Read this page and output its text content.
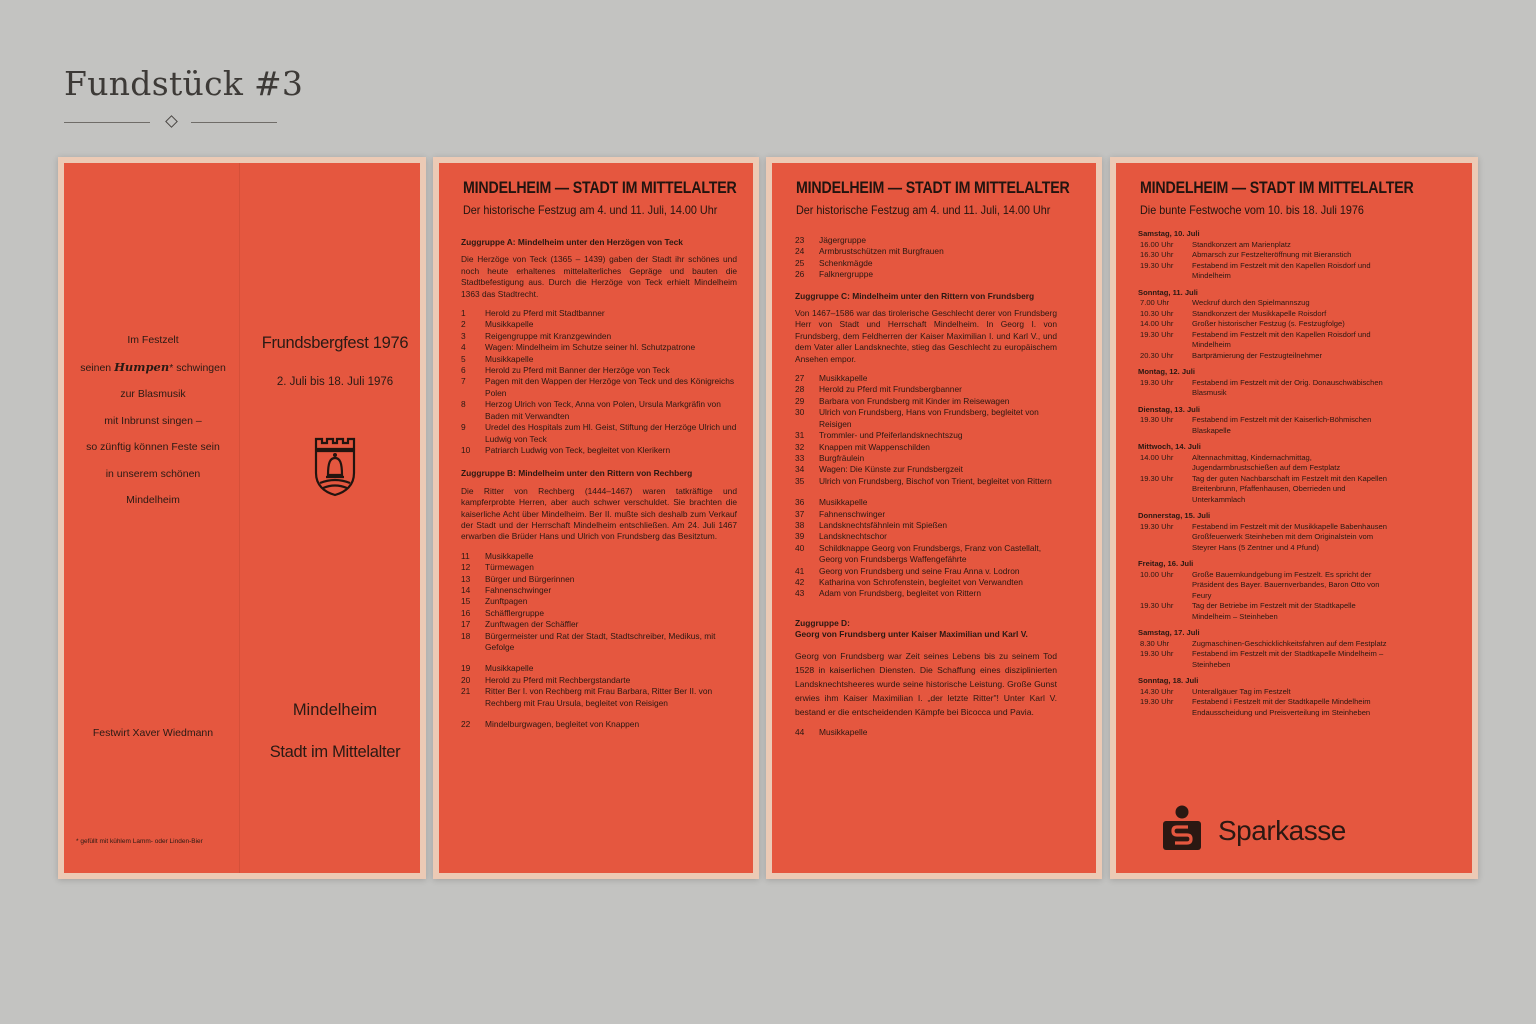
Fundstück #3
Im Festzelt
seinen Humpen* schwingen
zur Blasmusik
mit Inbrunst singen –
so zünftig können Feste sein
in unserem schönen
Mindelheim
Festwirt Xaver Wiedmann
* gefüllt mit kühlem Lamm- oder Linden-Bier
Frundsbergfest 1976
2. Juli bis 18. Juli 1976
Mindelheim
Stadt im Mittelalter
MINDELHEIM — STADT IM MITTELALTER
Der historische Festzug am 4. und 11. Juli, 14.00 Uhr
Zuggruppe A: Mindelheim unter den Herzögen von Teck
Die Herzöge von Teck (1365 – 1439) gaben der Stadt ihr schönes und noch heute erhaltenes mittelalterliches Gepräge und bauten die Stadtbefestigung aus. Durch die Herzöge von Teck erhielt Mindelheim 1363 das Stadtrecht.
1	Herold zu Pferd mit Stadtbanner
2	Musikkapelle
3	Reigengruppe mit Kranzgewinden
4	Wagen: Mindelheim im Schutze seiner hl. Schutzpatrone
5	Musikkapelle
6	Herold zu Pferd mit Banner der Herzöge von Teck
7	Pagen mit den Wappen der Herzöge von Teck und des Königreichs Polen
8	Herzog Ulrich von Teck, Anna von Polen, Ursula Markgräfin von Baden mit Verwandten
9	Uredel des Hospitals zum Hl. Geist, Stiftung der Herzöge Ulrich und Ludwig von Teck
10	Patriarch Ludwig von Teck, begleitet von Klerikern
Zuggruppe B: Mindelheim unter den Rittern von Rechberg
Die Ritter von Rechberg (1444–1467) waren tatkräftige und kampferprobte Herren, aber auch schwer verschuldet. Sie brachten die kaiserliche Acht über Mindelheim. Ber II. mußte sich deshalb zum Verkauf der Stadt und der Herrschaft Mindelheim entschließen. Am 24. Juli 1467 erwarben die Brüder Hans und Ulrich von Frundsberg das Besitztum.
11	Musikkapelle
12	Türmewagen
13	Bürger und Bürgerinnen
14	Fahnenschwinger
15	Zunftpagen
16	Schäfflergruppe
17	Zunftwagen der Schäffler
18	Bürgermeister und Rat der Stadt, Stadtschreiber, Medikus, mit Gefolge
19	Musikkapelle
20	Herold zu Pferd mit Rechbergstandarte
21	Ritter Ber I. von Rechberg mit Frau Barbara, Ritter Ber II. von Rechberg mit Frau Ursula, begleitet von Reisigen
22	Mindelburgwagen, begleitet von Knappen
MINDELHEIM — STADT IM MITTELALTER
Der historische Festzug am 4. und 11. Juli, 14.00 Uhr
23	Jägergruppe
24	Armbrustschützen mit Burgfrauen
25	Schenkmägde
26	Falknergruppe
Zuggruppe C: Mindelheim unter den Rittern von Frundsberg
Von 1467–1586 war das tirolerische Geschlecht derer von Frundsberg Herr von Stadt und Herrschaft Mindelheim. In Georg I. von Frundsberg, dem Feldherren der Kaiser Maximilian I. und Karl V., und dem Vater aller Landsknechte, stieg das Geschlecht zu europäischem Ansehen empor.
27	Musikkapelle
28	Herold zu Pferd mit Frundsbergbanner
29	Barbara von Frundsberg mit Kinder im Reisewagen
30	Ulrich von Frundsberg, Hans von Frundsberg, begleitet von Reisigen
31	Trommler- und Pfeiferlandsknechtszug
32	Knappen mit Wappenschilden
33	Burgfräulein
34	Wagen: Die Künste zur Frundsbergzeit
35	Ulrich von Frundsberg, Bischof von Trient, begleitet von Rittern
36	Musikkapelle
37	Fahnenschwinger
38	Landsknechtsfähnlein mit Spießen
39	Landsknechtschor
40	Schildknappe Georg von Frundsbergs, Franz von Castellalt, Georg von Frundsbergs Waffengefährte
41	Georg von Frundsberg und seine Frau Anna v. Lodron
42	Katharina von Schrofenstein, begleitet von Verwandten
43	Adam von Frundsberg, begleitet von Rittern
Zuggruppe D:
Georg von Frundsberg unter Kaiser Maximilian und Karl V.
Georg von Frundsberg war Zeit seines Lebens bis zu seinem Tod 1528 in kaiserlichen Diensten. Die Schaffung eines disziplinierten Landsknechtsheeres wurde seine historische Leistung. Große Gunst erwies ihm Kaiser Maximilian I. „der letzte Ritter"! Unter Karl V. bestand er die entscheidenden Kämpfe bei Bicocca und Pavia.
44	Musikkapelle
MINDELHEIM — STADT IM MITTELALTER
Die bunte Festwoche vom 10. bis 18. Juli 1976
Samstag, 10. Juli
16.00 Uhr	Standkonzert am Marienplatz
16.30 Uhr	Abmarsch zur Festzelteröffnung mit Bieranstich
19.30 Uhr	Festabend im Festzelt mit den Kapellen Roisdorf und Mindelheim
Sonntag, 11. Juli
7.00 Uhr	Weckruf durch den Spielmannszug
10.30 Uhr	Standkonzert der Musikkapelle Roisdorf
14.00 Uhr	Großer historischer Festzug (s. Festzugfolge)
19.30 Uhr	Festabend im Festzelt mit den Kapellen Roisdorf und Mindelheim
20.30 Uhr	Bartprämierung der Festzugteilnehmer
Montag, 12. Juli
19.30 Uhr	Festabend im Festzelt mit der Orig. Donauschwäbischen Blasmusik
Dienstag, 13. Juli
19.30 Uhr	Festabend im Festzelt mit der Kaiserlich-Böhmischen Blaskapelle
Mittwoch, 14. Juli
14.00 Uhr	Altennachmittag, Kindernachmittag, Jugendarmbrustschießen auf dem Festplatz
19.30 Uhr	Tag der guten Nachbarschaft im Festzelt mit den Kapellen Breitenbrunn, Pfaffenhausen, Oberrieden und Unterkammlach
Donnerstag, 15. Juli
19.30 Uhr	Festabend im Festzelt mit der Musikkapelle Babenhausen Großfeuerwerk Steinheben mit dem Originalstein vom Steyrer Hans (5 Zentner und 4 Pfund)
Freitag, 16. Juli
10.00 Uhr	Große Bauernkundgebung im Festzelt. Es spricht der Präsident des Bayer. Bauernverbandes, Baron Otto von Feury
19.30 Uhr	Tag der Betriebe im Festzelt mit der Stadtkapelle Mindelheim – Steinheben
Samstag, 17. Juli
8.30 Uhr	Zugmaschinen-Geschicklichkeitsfahren auf dem Festplatz
19.30 Uhr	Festabend im Festzelt mit der Stadtkapelle Mindelheim – Steinheben
Sonntag, 18. Juli
14.30 Uhr	Unterallgäuer Tag im Festzelt
19.30 Uhr	Festabend i Festzelt mit der Stadtkapelle Mindelheim Endausscheidung und Preisverteilung im Steinheben
Sparkasse
